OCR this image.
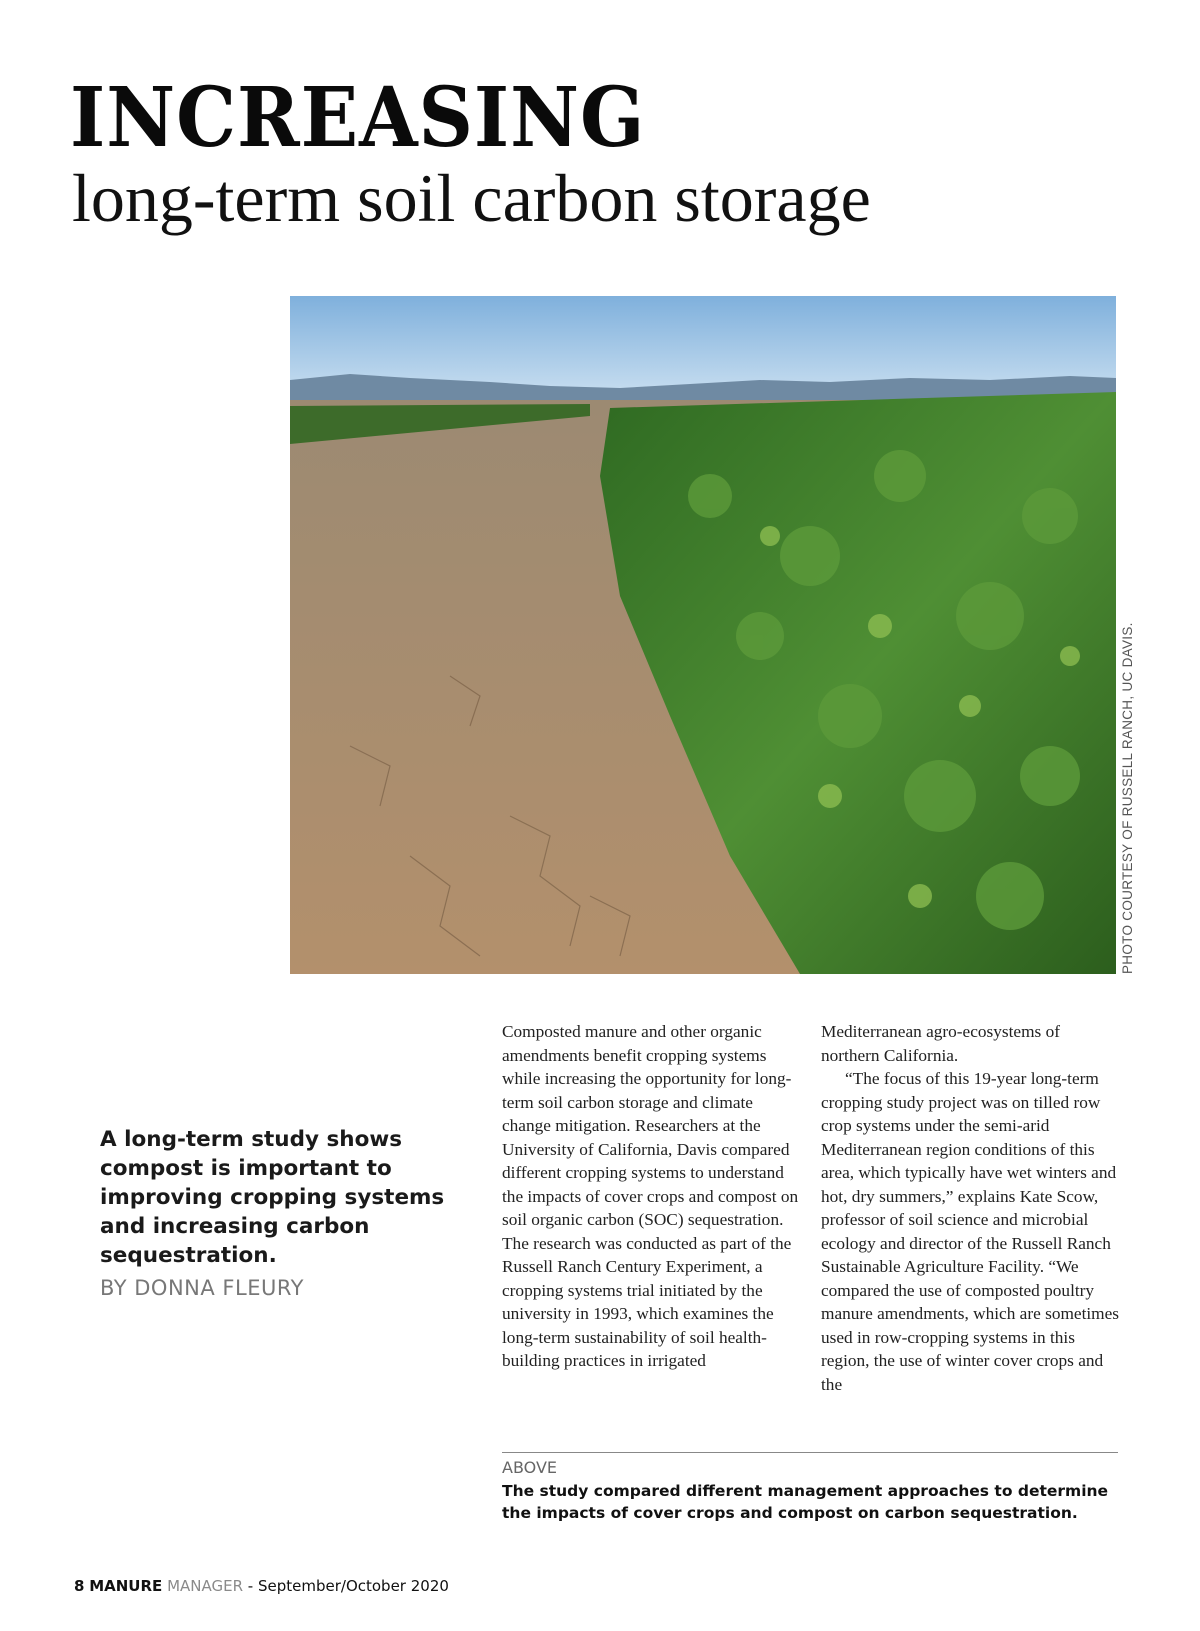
INCREASING
long-term soil carbon storage
PHOTO COURTESY OF RUSSELL RANCH, UC DAVIS.

A long-term study shows compost is important to improving cropping systems and increasing carbon sequestration.

BY DONNA FLEURY

Composted manure and other organic amendments benefit cropping systems while increasing the opportunity for long-term soil carbon storage and climate change mitigation. Researchers at the University of California, Davis compared different cropping systems to understand the impacts of cover crops and compost on soil organic carbon (SOC) sequestration. The research was conducted as part of the Russell Ranch Century Experiment, a cropping systems trial initiated by the university in 1993, which examines the long-term sustainability of soil health-building practices in irrigated

Mediterranean agro-ecosystems of northern California.

“The focus of this 19-year long-term cropping study project was on tilled row crop systems under the semi-arid Mediterranean region conditions of this area, which typically have wet winters and hot, dry summers,” explains Kate Scow, professor of soil science and microbial ecology and director of the Russell Ranch Sustainable Agriculture Facility. “We compared the use of composted poultry manure amendments, which are sometimes used in row-cropping systems in this region, the use of winter cover crops and the

ABOVE

The study compared different management approaches to determine the impacts of cover crops and compost on carbon sequestration.

8 MANURE MANAGER - September/October 2020
